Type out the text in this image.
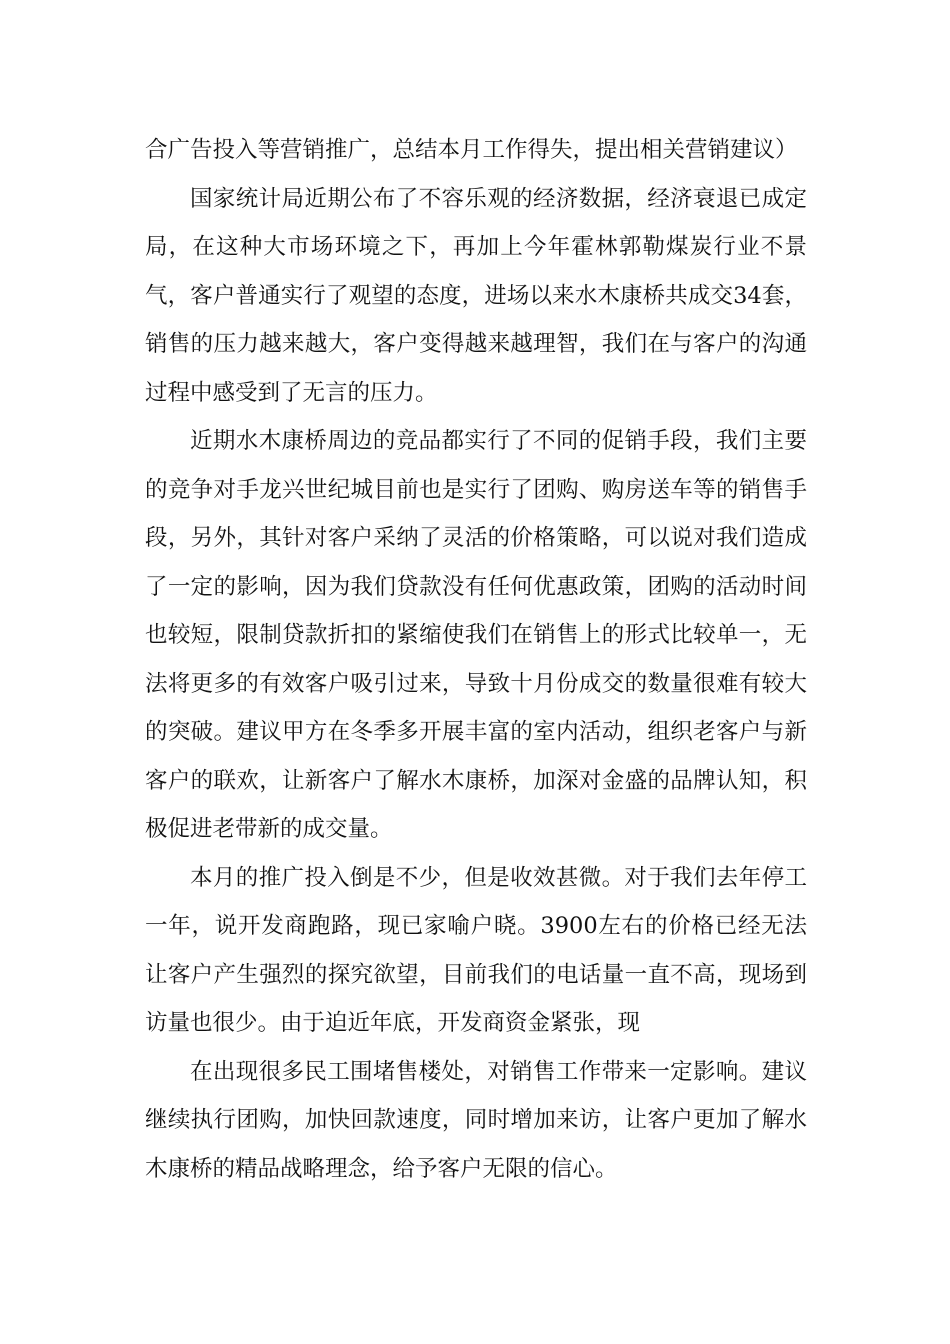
合广告投入等营销推广，总结本月工作得失，提出相关营销建议）

国家统计局近期公布了不容乐观的经济数据，经济衰退已成定局，在这种大市场环境之下，再加上今年霍林郭勒煤炭行业不景气，客户普通实行了观望的态度，进场以来水木康桥共成交34套，销售的压力越来越大，客户变得越来越理智，我们在与客户的沟通过程中感受到了无言的压力。

近期水木康桥周边的竞品都实行了不同的促销手段，我们主要的竞争对手龙兴世纪城目前也是实行了团购、购房送车等的销售手段，另外，其针对客户采纳了灵活的价格策略，可以说对我们造成了一定的影响，因为我们贷款没有任何优惠政策，团购的活动时间也较短，限制贷款折扣的紧缩使我们在销售上的形式比较单一，无法将更多的有效客户吸引过来，导致十月份成交的数量很难有较大的突破。建议甲方在冬季多开展丰富的室内活动，组织老客户与新客户的联欢，让新客户了解水木康桥，加深对金盛的品牌认知，积极促进老带新的成交量。

本月的推广投入倒是不少，但是收效甚微。对于我们去年停工一年，说开发商跑路，现已家喻户晓。3900左右的价格已经无法让客户产生强烈的探究欲望，目前我们的电话量一直不高，现场到访量也很少。由于迫近年底，开发商资金紧张，现

在出现很多民工围堵售楼处，对销售工作带来一定影响。建议继续执行团购，加快回款速度，同时增加来访，让客户更加了解水木康桥的精品战略理念，给予客户无限的信心。
